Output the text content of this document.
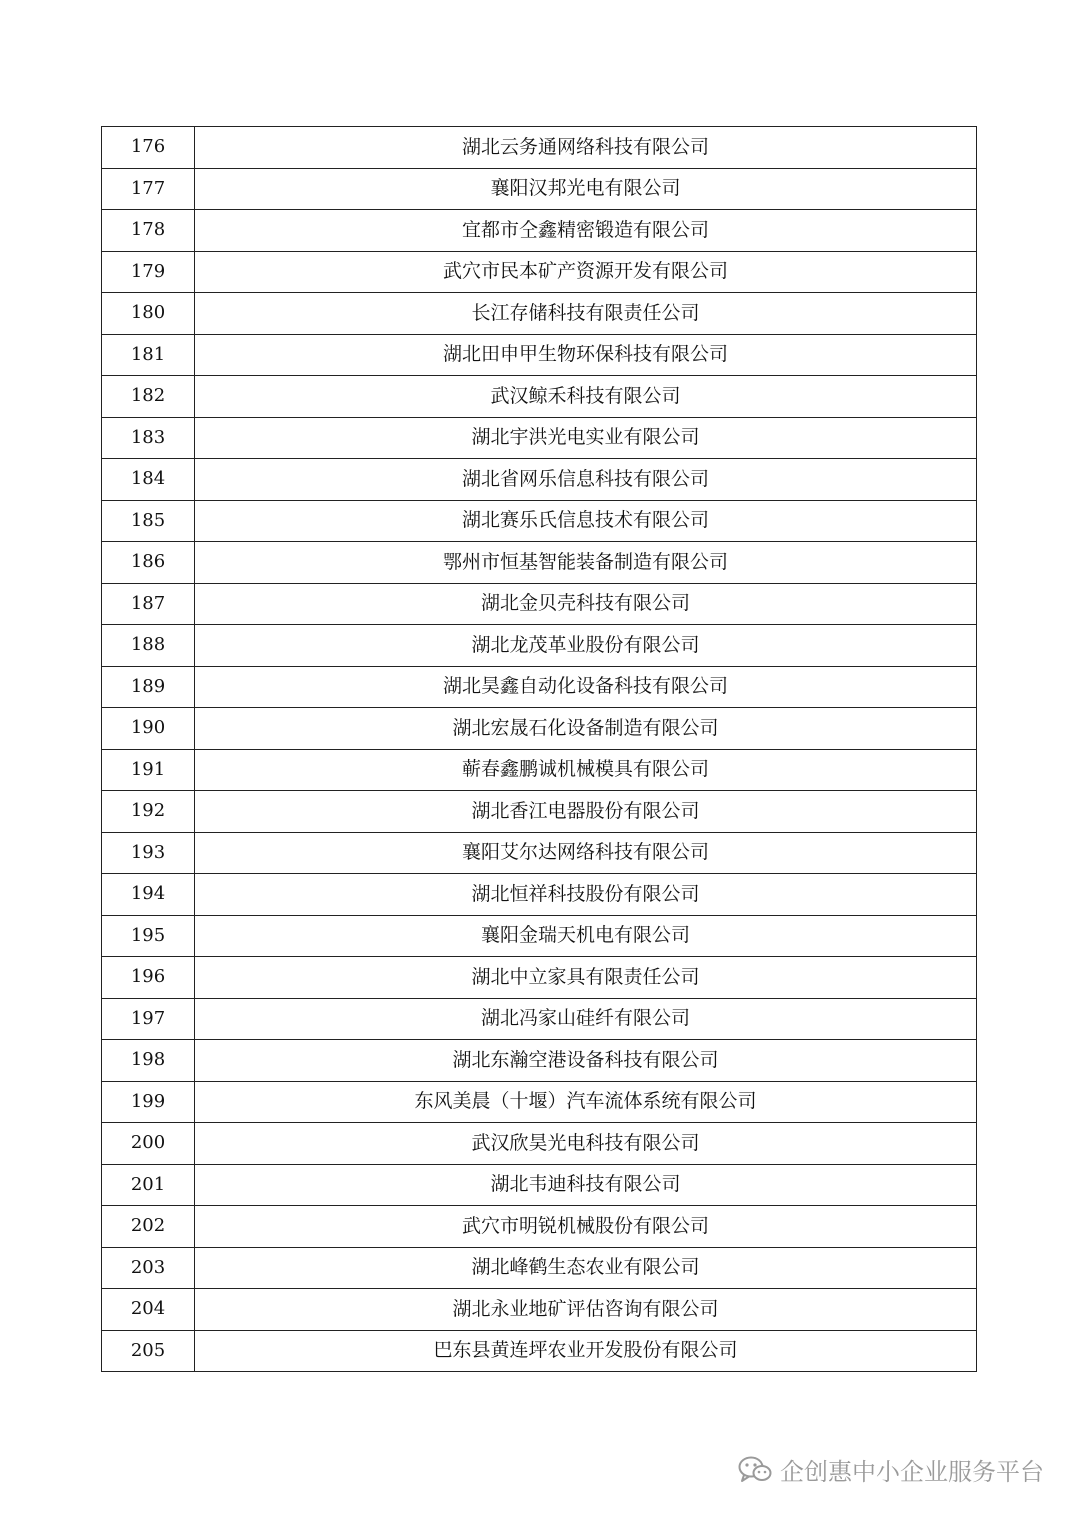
176	湖北云务通网络科技有限公司
177	襄阳汉邦光电有限公司
178	宜都市仝鑫精密锻造有限公司
179	武穴市民本矿产资源开发有限公司
180	长江存储科技有限责任公司
181	湖北田申甲生物环保科技有限公司
182	武汉鲸禾科技有限公司
183	湖北宇洪光电实业有限公司
184	湖北省网乐信息科技有限公司
185	湖北赛乐氏信息技术有限公司
186	鄂州市恒基智能装备制造有限公司
187	湖北金贝壳科技有限公司
188	湖北龙茂革业股份有限公司
189	湖北昊鑫自动化设备科技有限公司
190	湖北宏晟石化设备制造有限公司
191	蕲春鑫鹏诚机械模具有限公司
192	湖北香江电器股份有限公司
193	襄阳艾尔达网络科技有限公司
194	湖北恒祥科技股份有限公司
195	襄阳金瑞天机电有限公司
196	湖北中立家具有限责任公司
197	湖北冯家山硅纤有限公司
198	湖北东瀚空港设备科技有限公司
199	东风美晨（十堰）汽车流体系统有限公司
200	武汉欣昊光电科技有限公司
201	湖北韦迪科技有限公司
202	武穴市明锐机械股份有限公司
203	湖北峰鹤生态农业有限公司
204	湖北永业地矿评估咨询有限公司
205	巴东县黄连坪农业开发股份有限公司
企创惠中小企业服务平台
